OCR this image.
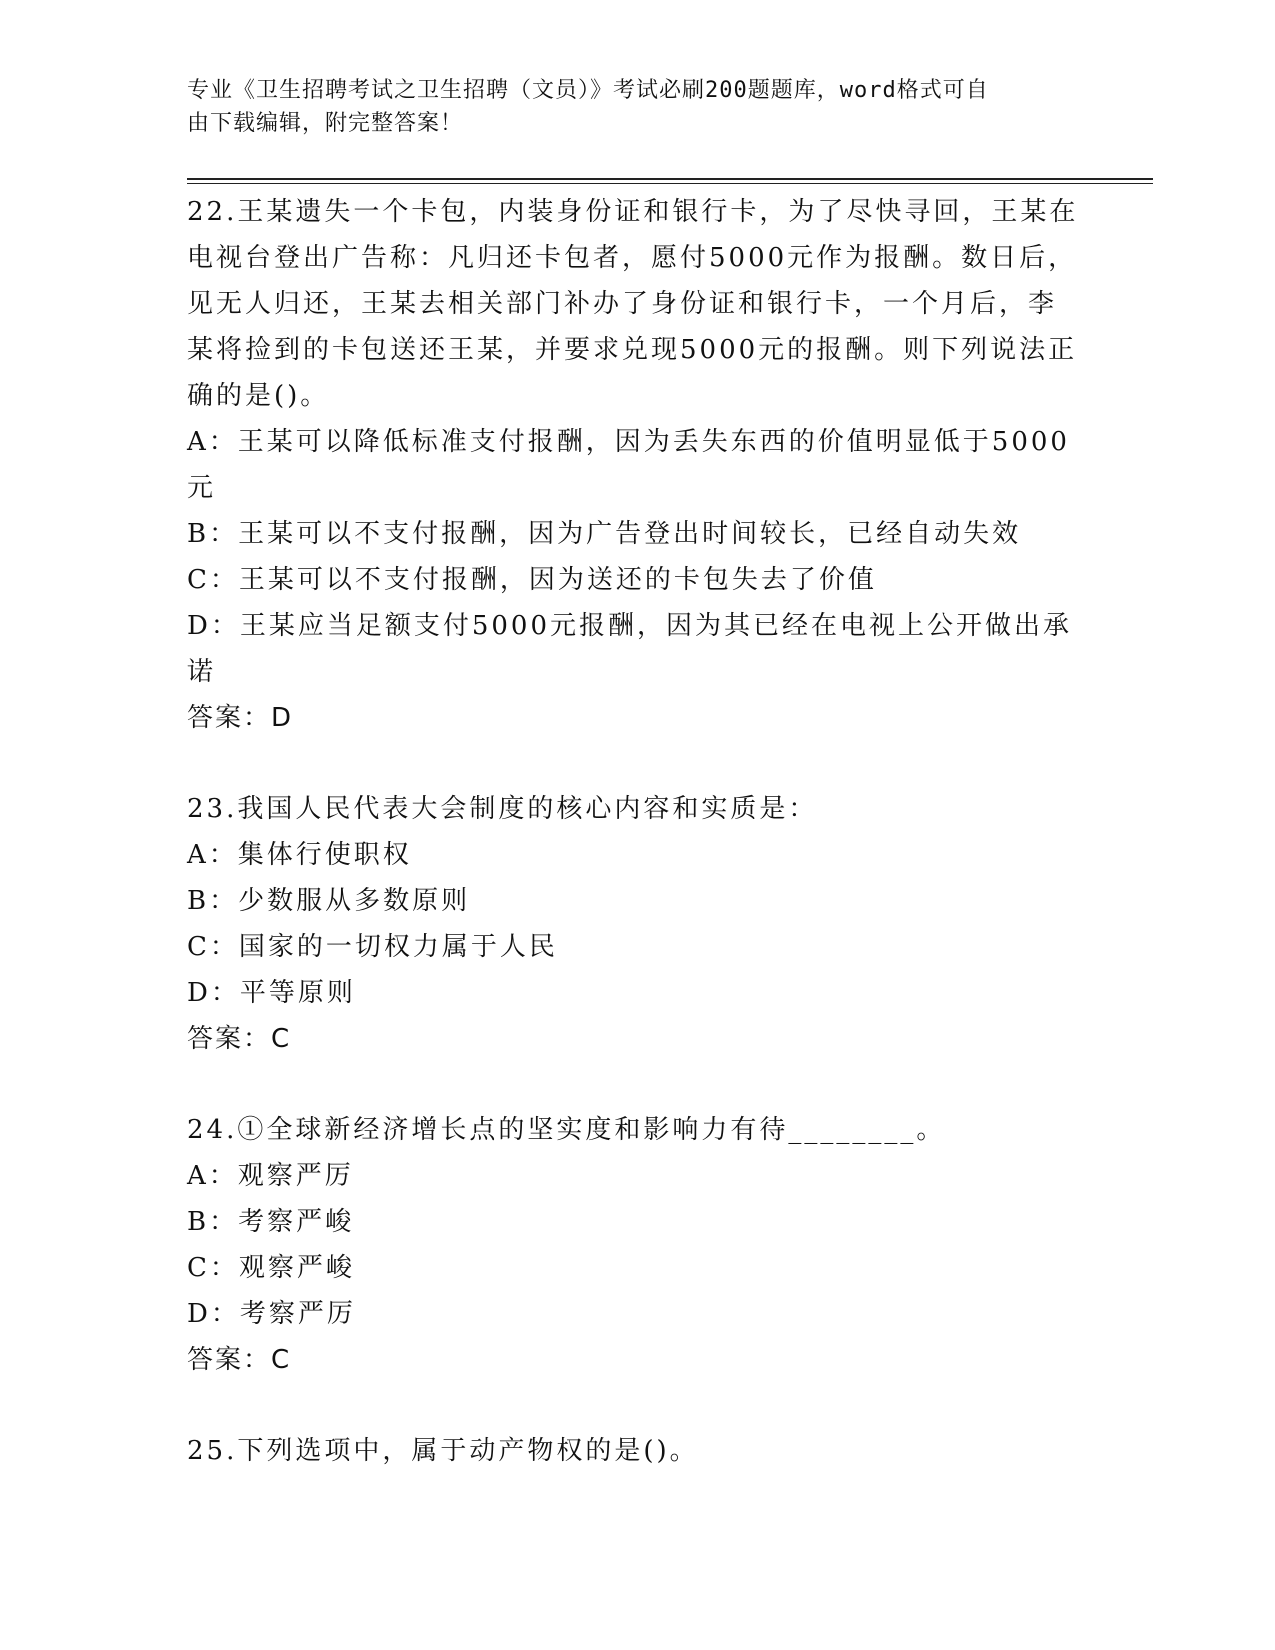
专业《卫生招聘考试之卫生招聘（文员）》考试必刷200题题库，word格式可自
由下载编辑，附完整答案！

22.王某遗失一个卡包，内装身份证和银行卡，为了尽快寻回，王某在

电视台登出广告称：凡归还卡包者，愿付5000元作为报酬。数日后，

见无人归还，王某去相关部门补办了身份证和银行卡，一个月后，李

某将捡到的卡包送还王某，并要求兑现5000元的报酬。则下列说法正

确的是()。

A：王某可以降低标准支付报酬，因为丢失东西的价值明显低于5000

元

B：王某可以不支付报酬，因为广告登出时间较长，已经自动失效

C：王某可以不支付报酬，因为送还的卡包失去了价值

D：王某应当足额支付5000元报酬，因为其已经在电视上公开做出承

诺

答案：D

23.我国人民代表大会制度的核心内容和实质是：

A：集体行使职权

B：少数服从多数原则

C：国家的一切权力属于人民

D：平等原则

答案：C

24.①全球新经济增长点的坚实度和影响力有待________。

A：观察严厉

B：考察严峻

C：观察严峻

D：考察严厉

答案：C

25.下列选项中，属于动产物权的是()。
